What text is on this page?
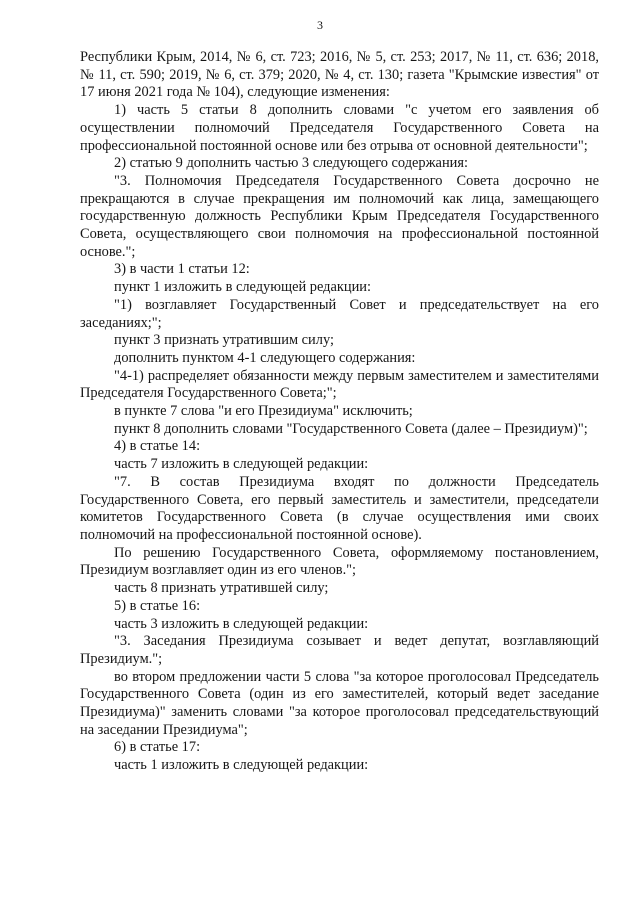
3

Республики Крым, 2014, № 6, ст. 723; 2016, № 5, ст. 253; 2017, № 11, ст. 636; 2018, № 11, ст. 590; 2019, № 6, ст. 379; 2020, № 4, ст. 130; газета "Крымские известия" от 17 июня 2021 года № 104), следующие изменения:

1) часть 5 статьи 8 дополнить словами "с учетом его заявления об осуществлении полномочий Председателя Государственного Совета на профессиональной постоянной основе или без отрыва от основной деятельности";

2) статью 9 дополнить частью 3 следующего содержания:

"3. Полномочия Председателя Государственного Совета досрочно не прекращаются в случае прекращения им полномочий как лица, замещающего государственную должность Республики Крым Председателя Государственного Совета, осуществляющего свои полномочия на профессиональной постоянной основе.";

3) в части 1 статьи 12:

пункт 1 изложить в следующей редакции:

"1) возглавляет Государственный Совет и председательствует на его заседаниях;";

пункт 3 признать утратившим силу;

дополнить пунктом 4-1 следующего содержания:

"4-1) распределяет обязанности между первым заместителем и заместителями Председателя Государственного Совета;";

в пункте 7 слова "и его Президиума" исключить;

пункт 8 дополнить словами "Государственного Совета (далее – Президиум)";

4) в статье 14:

часть 7 изложить в следующей редакции:

"7. В состав Президиума входят по должности Председатель Государственного Совета, его первый заместитель и заместители, председатели комитетов Государственного Совета (в случае осуществления ими своих полномочий на профессиональной постоянной основе).

По решению Государственного Совета, оформляемому постановлением, Президиум возглавляет один из его членов.";

часть 8 признать утратившей силу;

5) в статье 16:

часть 3 изложить в следующей редакции:

"3. Заседания Президиума созывает и ведет депутат, возглавляющий Президиум.";

во втором предложении части 5 слова "за которое проголосовал Председатель Государственного Совета (один из его заместителей, который ведет заседание Президиума)" заменить словами "за которое проголосовал председательствующий на заседании Президиума";

6) в статье 17:

часть 1 изложить в следующей редакции:
